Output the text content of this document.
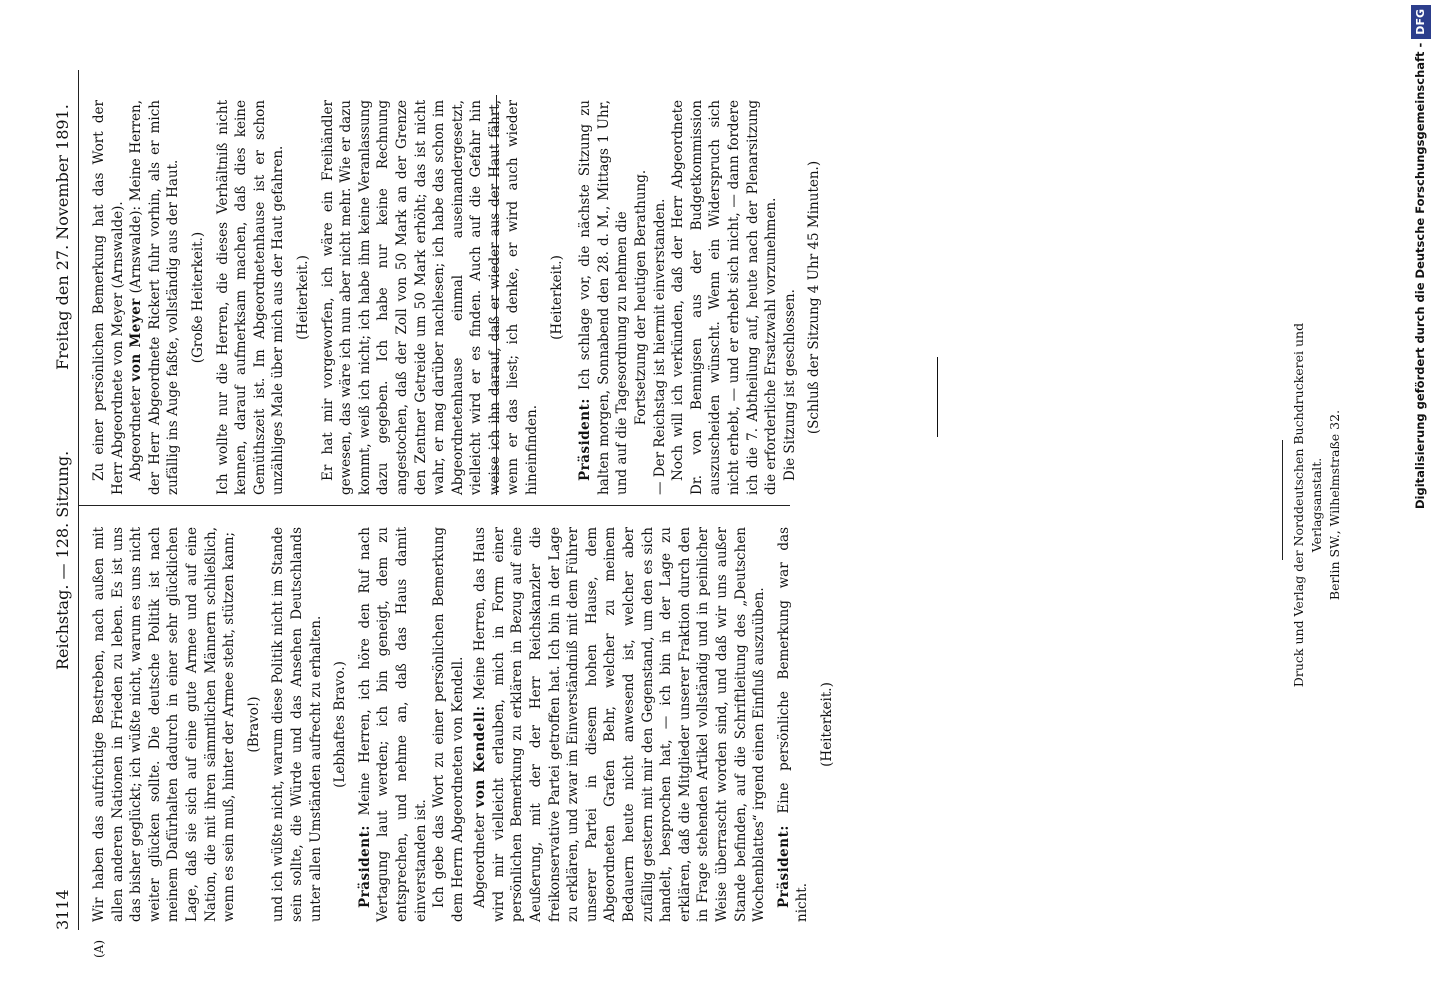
3114
Reichstag. — 128. Sitzung.
Freitag den 27. November 1891.
(A)

Wir haben das aufrichtige Bestreben, nach außen mit allen anderen Nationen in Frieden zu leben. Es ist uns das bisher geglückt; ich wüßte nicht, warum es uns nicht weiter glücken sollte. Die deutsche Politik ist nach meinem Dafürhalten dadurch in einer sehr glücklichen Lage, daß sie sich auf eine gute Armee und auf eine Nation, die mit ihren sämmtlichen Männern schließlich, wenn es sein muß, hinter der Armee steht, stützen kann; (Bravo!) und ich wüßte nicht, warum diese Politik nicht im Stande sein sollte, die Würde und das Ansehen Deutschlands unter allen Umständen aufrecht zu erhalten. (Lebhaftes Bravo.)

Präsident: Meine Herren, ich höre den Ruf nach Vertagung laut werden; ich bin geneigt, dem zu entsprechen, und nehme an, daß das Haus damit einverstanden ist. Ich gebe das Wort zu einer persönlichen Bemerkung dem Herrn Abgeordneten von Kendell. Abgeordneter von Kendell: Meine Herren, das Haus wird mir vielleicht erlauben, mich in Form einer persönlichen Bemerkung zu erklären in Bezug auf eine Aeußerung, mit der der Herr Reichskanzler die freikonservative Partei getroffen hat. Ich bin in der Lage zu erklären, und zwar im Einverständniß mit dem Führer unserer Partei in diesem hohen Hause, dem Abgeordneten Grafen Behr, welcher zu meinem Bedauern heute nicht anwesend ist, welcher aber zufällig gestern mit mir den Gegenstand, um den es sich handelt, besprochen hat, — ich bin in der Lage zu erklären, daß die Mitglieder unserer Fraktion durch den in Frage stehenden Artikel vollständig und in peinlicher Weise überrascht worden sind, und daß wir uns außer Stande befinden, auf die Schriftleitung des „Deutschen Wochenblattes“ irgend einen Einfluß auszuüben. Präsident: Eine persönliche Bemerkung war das nicht.

(Heiterkeit.)

Zu einer persönlichen Bemerkung hat das Wort der Herr Abgeordnete von Meyer (Arnswalde). Abgeordneter von Meyer (Arnswalde): Meine Herren, der Herr Abgeordnete Rickert fuhr vorhin, als er mich zufällig ins Auge faßte, vollständig aus der Haut. (Große Heiterkeit.) Ich wollte nur die Herren, die dieses Verhältniß nicht kennen, darauf aufmerksam machen, daß dies keine Gemüthszeit ist. Im Abgeordnetenhause ist er schon unzähliges Male über mich aus der Haut gefahren. (Heiterkeit.) Er hat mir vorgeworfen, ich wäre ein Freihändler gewesen, das wäre ich nun aber nicht mehr. Wie er dazu kommt, weiß ich nicht; ich habe ihm keine Veranlassung dazu gegeben. Ich habe nur keine Rechnung angestochen, daß der Zoll von 50 Mark an der Grenze den Zentner Getreide um 50 Mark erhöht; das ist nicht wahr, er mag darüber nachlesen; ich habe das schon im Abgeordnetenhause einmal auseinandergesetzt, vielleicht wird er es finden. Auch auf die Gefahr hin weise ich ihn darauf, daß er wieder aus der Haut fährt, wenn er das liest; ich denke, er wird auch wieder hineinfinden.

(Heiterkeit.)

Präsident: Ich schlage vor, die nächste Sitzung zu halten morgen, Sonnabend den 28. d. M., Mittags 1 Uhr, und auf die Tagesordnung zu nehmen die Fortsetzung der heutigen Berathung. — Der Reichstag ist hiermit einverstanden. Noch will ich verkünden, daß der Herr Abgeordnete Dr. von Bennigsen aus der Budgetkommission auszuscheiden wünscht. Wenn ein Widerspruch sich nicht erhebt, — und er erhebt sich nicht, — dann fordere ich die 7. Abtheilung auf, heute nach der Plenarsitzung die erforderliche Ersatzwahl vorzunehmen. Die Sitzung ist geschlossen. (Schluß der Sitzung 4 Uhr 45 Minuten.)

Druck und Verlag der Norddeutschen Buchdruckerei und Verlagsanstalt. Berlin SW., Wilhelmstraße 32.	Digitalisierung gefördert durch die Deutsche Forschungsgemeinschaft -DFG
